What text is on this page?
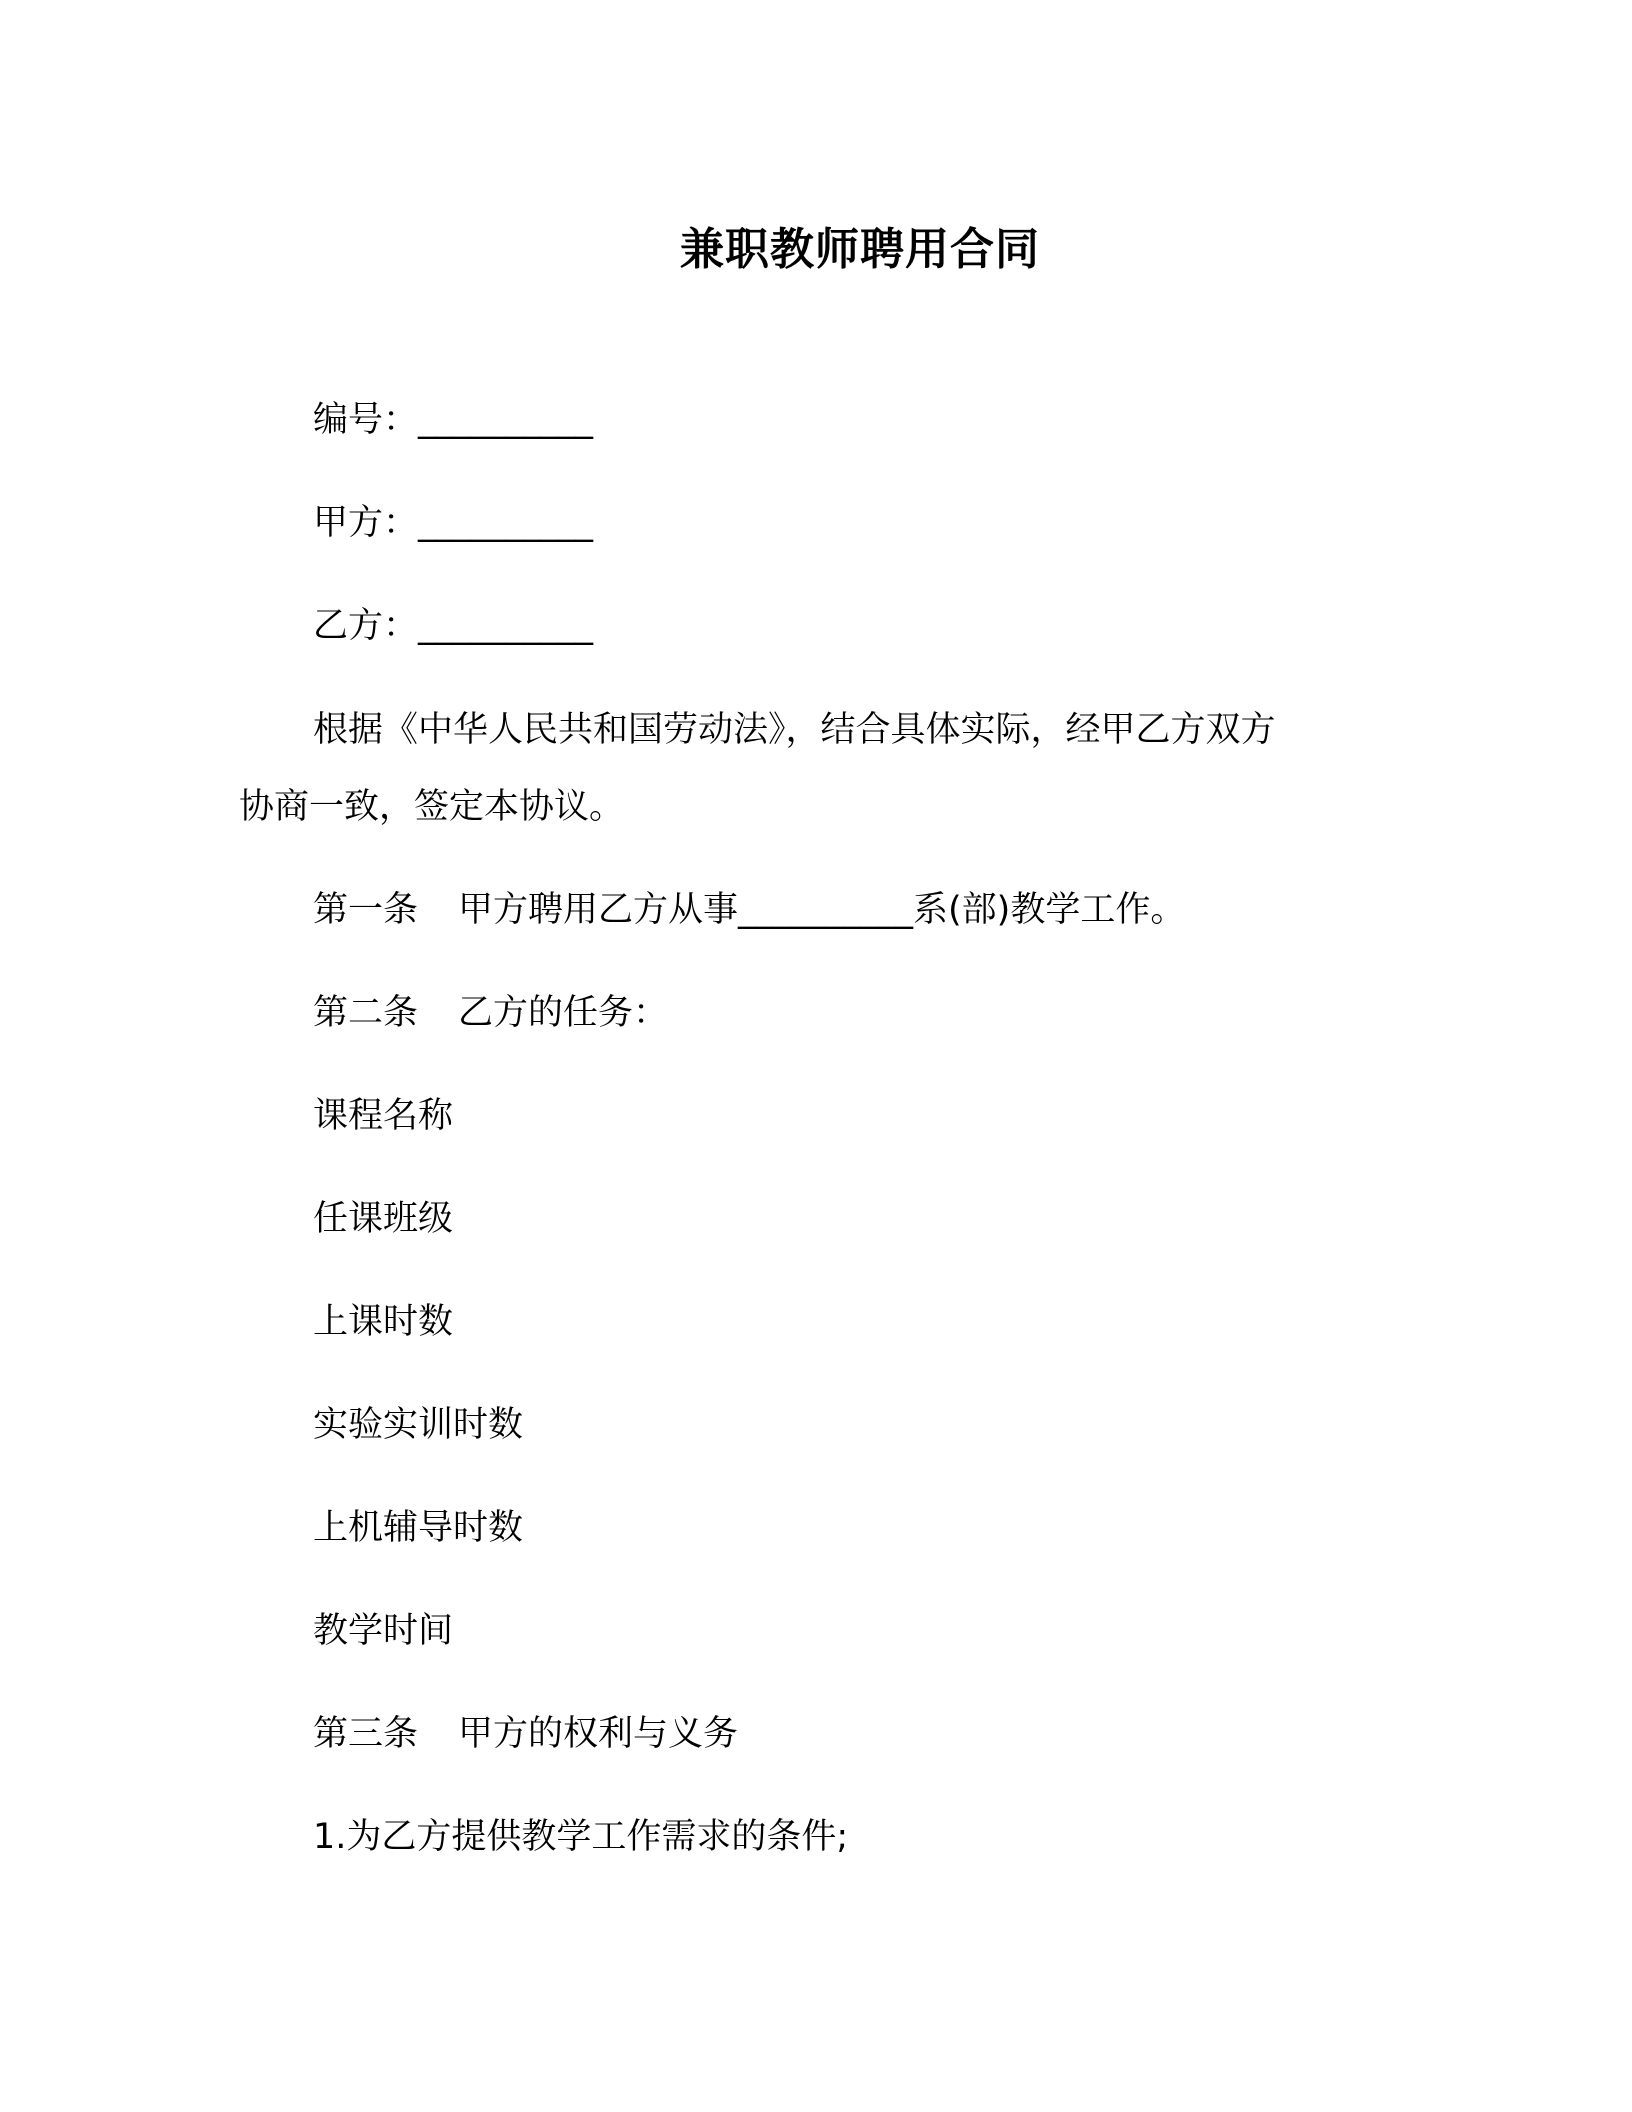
兼职教师聘用合同
编号：__________
甲方：__________
乙方：__________
根据《中华人民共和国劳动法》，结合具体实际，经甲乙方双方
协商一致，签定本协议。
第一条 甲方聘用乙方从事__________系(部)教学工作。
第二条 乙方的任务：
课程名称
任课班级
上课时数
实验实训时数
上机辅导时数
教学时间
第三条 甲方的权利与义务
1.为乙方提供教学工作需求的条件;
